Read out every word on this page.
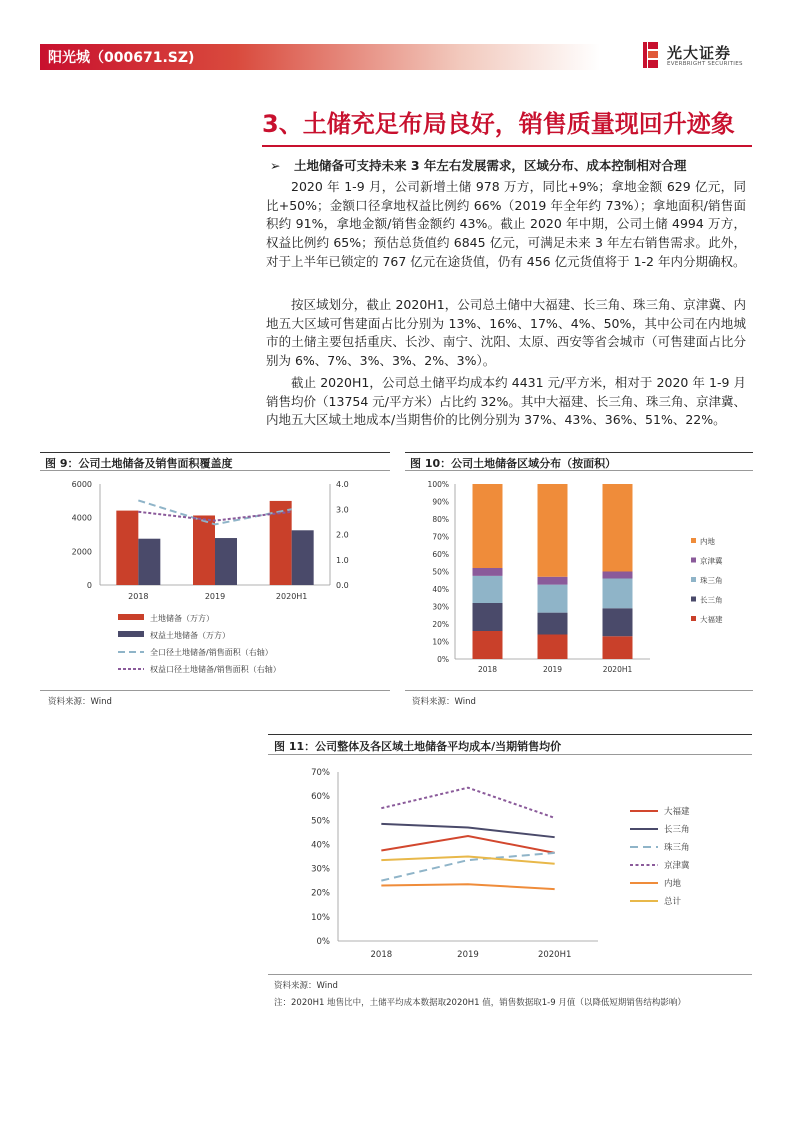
阳光城（000671.SZ)	光大证券
EVERBRIGHT SECURITIES
3、土储充足布局良好，销售质量现回升迹象
➢ 土地储备可支持未来 3 年左右发展需求，区域分布、成本控制相对合理
2020 年 1-9 月，公司新增土储 978 万方，同比+9%；拿地金额 629 亿元，同比+50%；金额口径拿地权益比例约 66%（2019 年全年约 73%）；拿地面积/销售面积约 91%，拿地金额/销售金额约 43%。截止 2020 年中期，公司土储 4994 万方，权益比例约 65%；预估总货值约 6845 亿元，可满足未来 3 年左右销售需求。此外，对于上半年已锁定的 767 亿元在途货值，仍有 456 亿元货值将于 1-2 年内分期确权。
按区域划分，截止 2020H1，公司总土储中大福建、长三角、珠三角、京津冀、内地五大区域可售建面占比分别为 13%、16%、17%、4%、50%，其中公司在内地城市的土储主要包括重庆、长沙、南宁、沈阳、太原、西安等省会城市（可售建面占比分别为 6%、7%、3%、3%、2%、3%）。
截止 2020H1，公司总土储平均成本约 4431 元/平方米，相对于 2020 年 1-9 月销售均价（13754 元/平方米）占比约 32%。其中大福建、长三角、珠三角、京津冀、内地五大区域土地成本/当期售价的比例分别为 37%、43%、36%、51%、22%。
图 9：公司土地储备及销售面积覆盖度
0
2000
4000
6000
0.0
1.0
2.0
3.0
4.0
2018	2019	2020H1
土地储备（万方）
权益土地储备（万方）
全口径土地储备/销售面积（右轴）
权益口径土地储备/销售面积（右轴）
资料来源：Wind
图 10：公司土地储备区域分布（按面积）
0%
10%
20%
30%
40%
50%
60%
70%
80%
90%
100%
2018	2019	2020H1
内地
京津冀
珠三角
长三角
大福建
资料来源：Wind
图 11：公司整体及各区域土地储备平均成本/当期销售均价
0%
10%
20%
30%
40%
50%
60%
70%
2018	2019	2020H1
大福建
长三角
珠三角
京津冀
内地
总计
资料来源：Wind
注：2020H1 地售比中，土储平均成本数据取2020H1 值，销售数据取1-9 月值（以降低短期销售结构影响）
